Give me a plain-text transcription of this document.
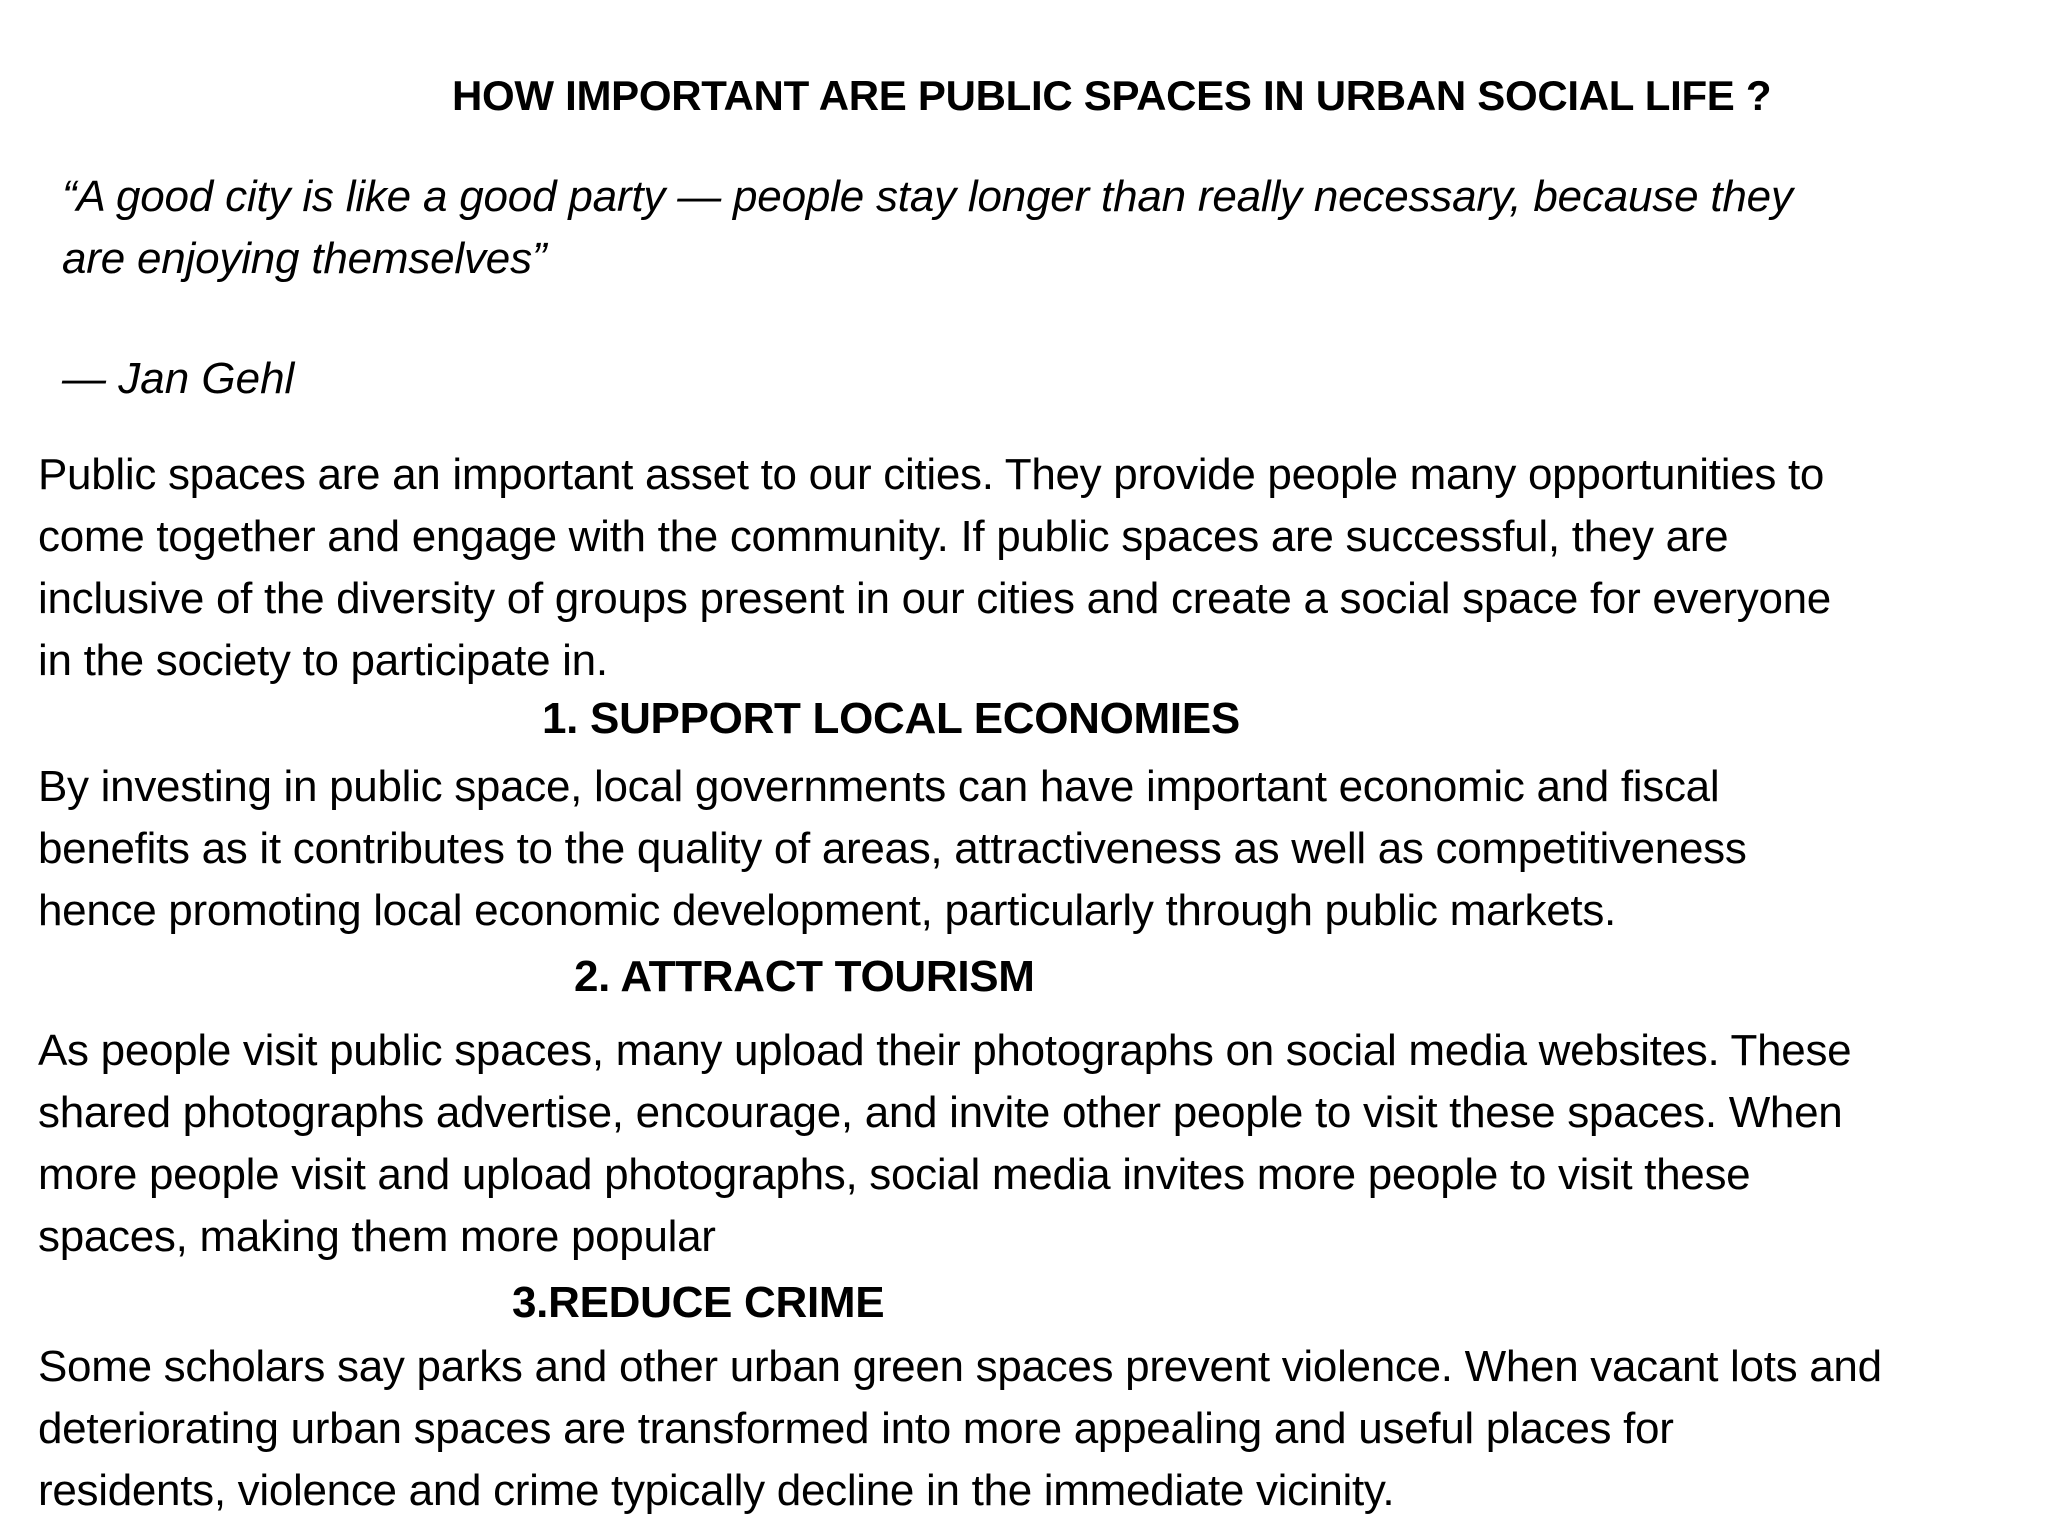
HOW IMPORTANT ARE PUBLIC SPACES IN URBAN SOCIAL LIFE ?
“A good city is like a good party — people stay longer than really necessary, because they
are enjoying themselves”
— Jan Gehl
Public spaces are an important asset to our cities. They provide people many opportunities to
come together and engage with the community. If public spaces are successful, they are
inclusive of the diversity of groups present in our cities and create a social space for everyone
in the society to participate in.
1. SUPPORT LOCAL ECONOMIES
By investing in public space, local governments can have important economic and fiscal
benefits as it contributes to the quality of areas, attractiveness as well as competitiveness
hence promoting local economic development, particularly through public markets.
2. ATTRACT TOURISM
As people visit public spaces, many upload their photographs on social media websites. These
shared photographs advertise, encourage, and invite other people to visit these spaces. When
more people visit and upload photographs, social media invites more people to visit these
spaces, making them more popular
3.REDUCE CRIME
Some scholars say parks and other urban green spaces prevent violence. When vacant lots and
deteriorating urban spaces are transformed into more appealing and useful places for
residents, violence and crime typically decline in the immediate vicinity.
